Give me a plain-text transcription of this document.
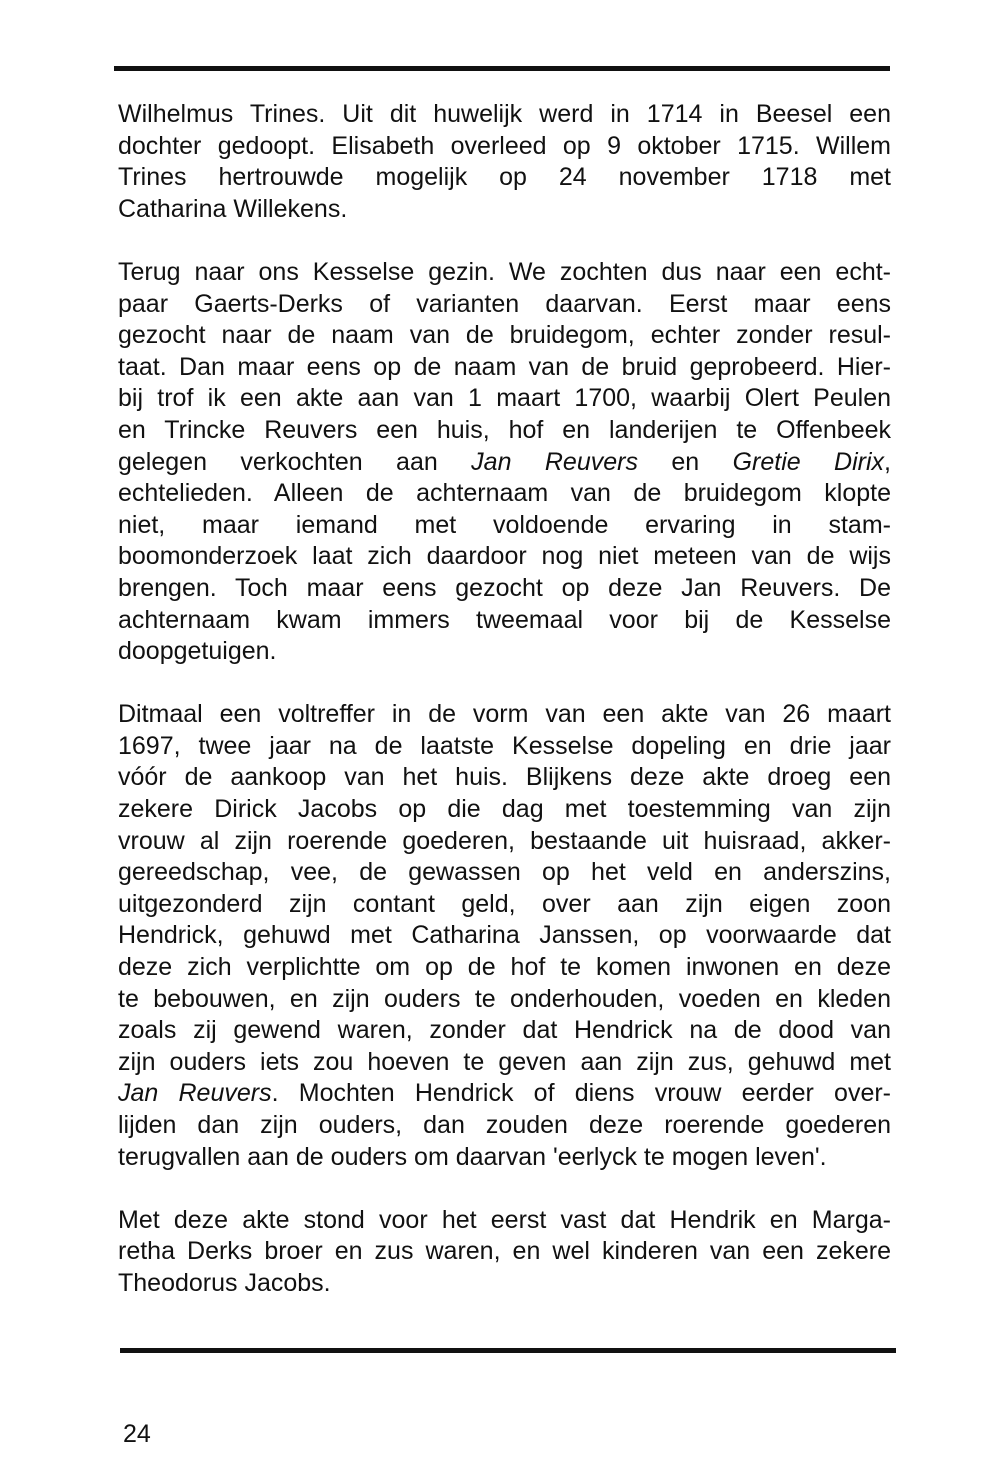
Wilhelmus Trines. Uit dit huwelijk werd in 1714 in Beesel een
dochter gedoopt. Elisabeth overleed op 9 oktober 1715. Willem
Trines hertrouwde mogelijk op 24 november 1718 met
Catharina Willekens.
Terug naar ons Kesselse gezin. We zochten dus naar een echt-
paar Gaerts-Derks of varianten daarvan. Eerst maar eens
gezocht naar de naam van de bruidegom, echter zonder resul-
taat. Dan maar eens op de naam van de bruid geprobeerd. Hier-
bij trof ik een akte aan van 1 maart 1700, waarbij Olert Peulen
en Trincke Reuvers een huis, hof en landerijen te Offenbeek
gelegen verkochten aan Jan Reuvers en Gretie Dirix,
echtelieden. Alleen de achternaam van de bruidegom klopte
niet, maar iemand met voldoende ervaring in stam-
boomonderzoek laat zich daardoor nog niet meteen van de wijs
brengen. Toch maar eens gezocht op deze Jan Reuvers. De
achternaam kwam immers tweemaal voor bij de Kesselse
doopgetuigen.
Ditmaal een voltreffer in de vorm van een akte van 26 maart
1697, twee jaar na de laatste Kesselse dopeling en drie jaar
vóór de aankoop van het huis. Blijkens deze akte droeg een
zekere Dirick Jacobs op die dag met toestemming van zijn
vrouw al zijn roerende goederen, bestaande uit huisraad, akker-
gereedschap, vee, de gewassen op het veld en anderszins,
uitgezonderd zijn contant geld, over aan zijn eigen zoon
Hendrick, gehuwd met Catharina Janssen, op voorwaarde dat
deze zich verplichtte om op de hof te komen inwonen en deze
te bebouwen, en zijn ouders te onderhouden, voeden en kleden
zoals zij gewend waren, zonder dat Hendrick na de dood van
zijn ouders iets zou hoeven te geven aan zijn zus, gehuwd met
Jan Reuvers. Mochten Hendrick of diens vrouw eerder over-
lijden dan zijn ouders, dan zouden deze roerende goederen
terugvallen aan de ouders om daarvan 'eerlyck te mogen leven'.
Met deze akte stond voor het eerst vast dat Hendrik en Marga-
retha Derks broer en zus waren, en wel kinderen van een zekere
Theodorus Jacobs.
24
